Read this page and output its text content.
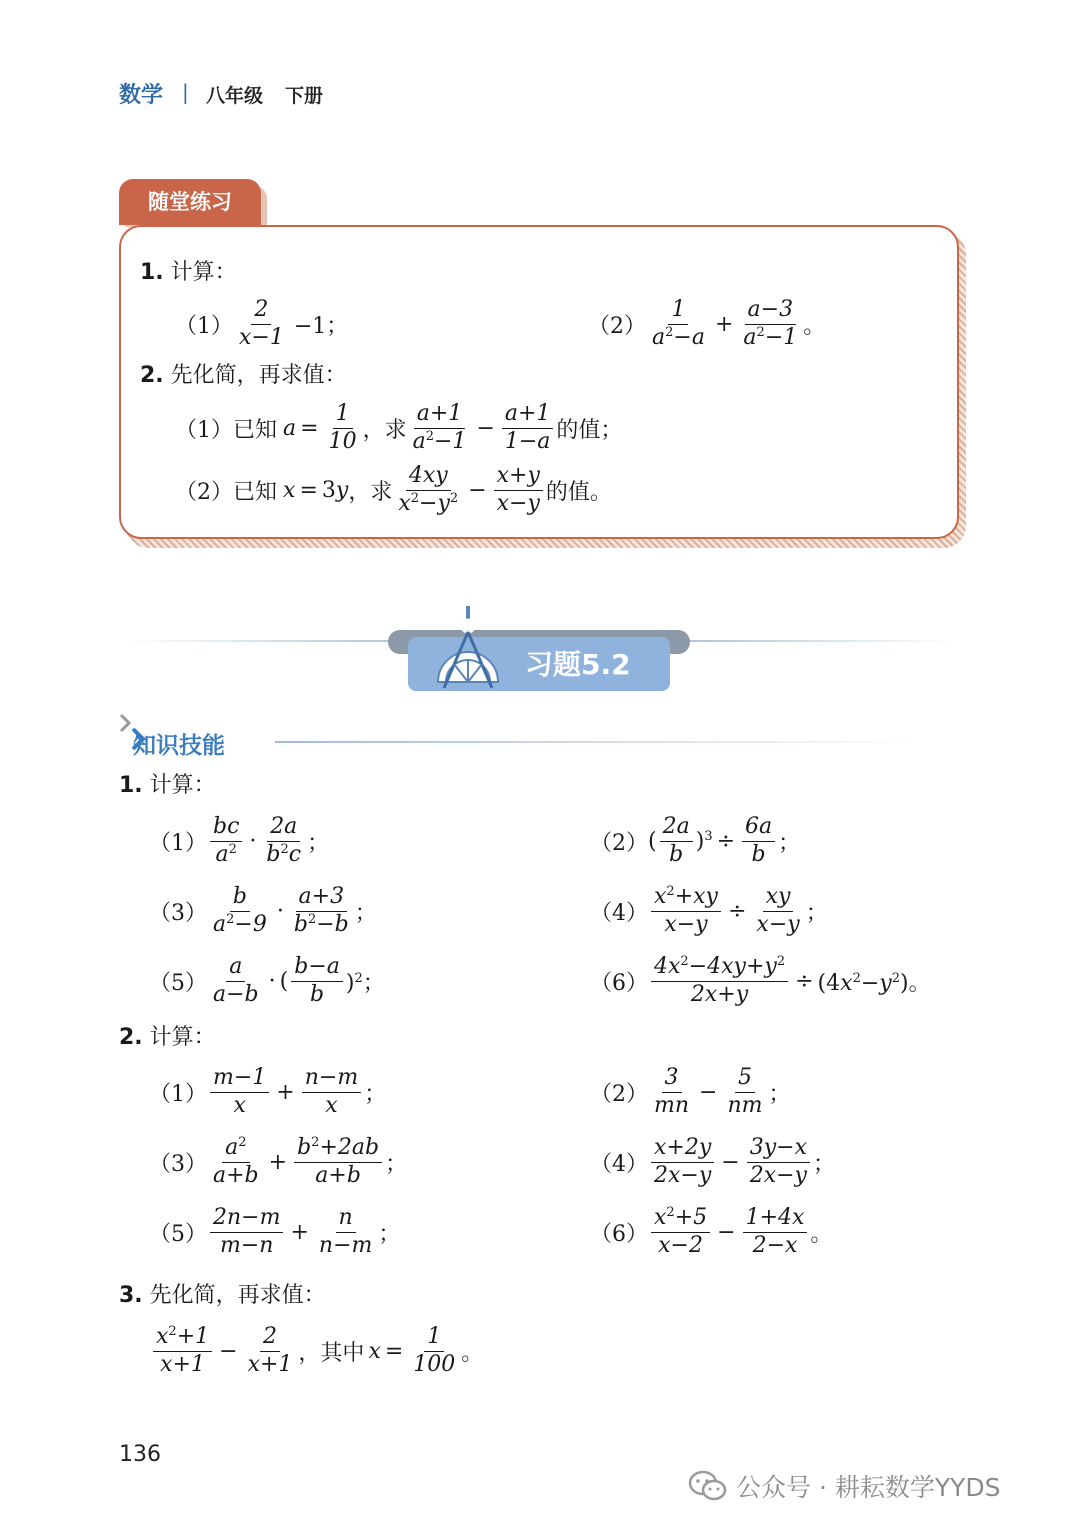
数学 | 八年级 下册
随堂练习
1. 计算：
$(1) \frac{2}{x-1} -1$；	$(2) \frac{1}{a^2-a} + \frac{a-3}{a^2-1}$ 。
2. 先化简，再求值：
（1） 已知 $a = \frac{1}{10}$ ，求 $\frac{a+1}{a^2-1} - \frac{a+1}{1-a}$ 的值；
（2） 已知 x = 3y ，求 $\frac{4xy}{x^2-y^2} - \frac{x+y}{x-y}$ 的值。
习题5.2
知识技能
1. 计算：
$(1) \frac{bc}{a^2} \cdot \frac{2a}{b^2c}$ ；	（2） ( $\frac{2a}{b} )^3 \div \frac{6a}{b}$ ；
$(3) \frac{b}{a^2-9} \cdot \frac{a+3}{b^2-b}$ ；	$(4) \frac{x^2+xy}{x-y} \div \frac{xy}{x-y}$ ；
$(5) \frac{a}{a-b}$ · ( $\frac{b-a}{b} )^2$；	$(6) \frac{4x^2-4xy+y^2}{2x+y} \div (4x^2-y^2)$。
2. 计算：
$(1) \frac{m-1}{x} + \frac{n-m}{x}$ ；	$(2) \frac{3}{mn} - \frac{5}{nm}$ ；
$(3) \frac{a^2}{a+b} + \frac{b^2+2ab}{a+b}$ ；	$(4) \frac{x+2y}{2x-y} - \frac{3y-x}{2x-y}$ ；
$(5) \frac{2n-m}{m-n} + \frac{n}{n-m}$ ；	$(6) \frac{x^2+5}{x-2} - \frac{1+4x}{2-x}$ 。
3. 先化简，再求值：
$\frac{x^2+1}{x+1} - \frac{2}{x+1}$ ，其中 $x = \frac{1}{100}$ 。
136
公众号 · 耕耘数学YYDS
